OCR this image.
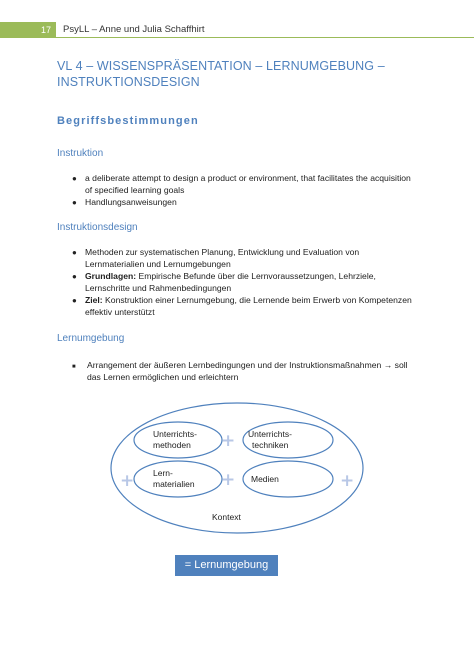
17	PsyLL – Anne und Julia Schaffhirt
VL 4 – WISSENSPRÄSENTATION – LERNUMGEBUNG –
INSTRUKTIONSDESIGN
Begriffsbestimmungen
Instruktion
● a deliberate attempt to design a product or environment, that facilitates the acquisition of specified learning goals
● Handlungsanweisungen
Instruktionsdesign
● Methoden zur systematischen Planung, Entwicklung und Evaluation von Lernmaterialien und Lernumgebungen
● Grundlagen: Empirische Befunde über die Lernvoraussetzungen, Lehrziele, Lernschritte und Rahmenbedingungen
● Ziel: Konstruktion einer Lernumgebung, die Lernende beim Erwerb von Kompetenzen effektiv unterstützt
Lernumgebung
■ Arrangement der äußeren Lernbedingungen und der Instruktionsmaßnahmen → soll das Lernen ermöglichen und erleichtern
Unterrichts-
methoden
Unterrichts-
techniken
Lern-
materialien	Medien
+
+
+	+
Kontext
= Lernumgebung
